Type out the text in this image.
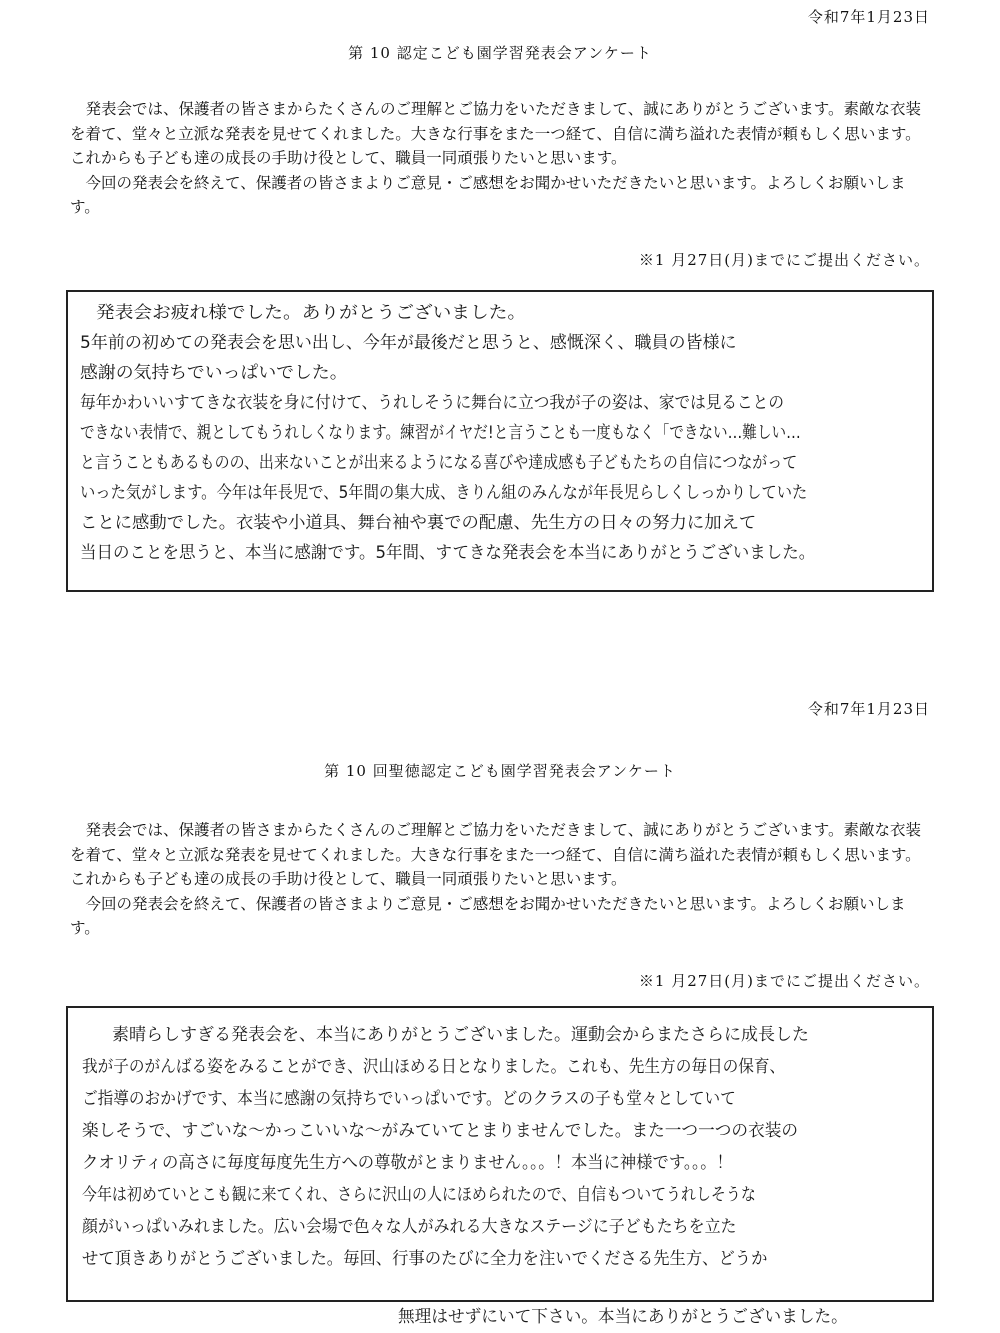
令和7年1月23日
第 10 認定こども園学習発表会アンケート

発表会では、保護者の皆さまからたくさんのご理解とご協力をいただきまして、誠にありがとうございます。素敵な衣装を着て、堂々と立派な発表を見せてくれました。大きな行事をまた一つ経て、自信に満ち溢れた表情が頼もしく思います。これからも子ども達の成長の手助け役として、職員一同頑張りたいと思います。

今回の発表会を終えて、保護者の皆さまよりご意見・ご感想をお聞かせいただきたいと思います。よろしくお願いします。

※1 月27日(月)までにご提出ください。
発表会お疲れ様でした。ありがとうございました。
5年前の初めての発表会を思い出し、今年が最後だと思うと、感慨深く、職員の皆様に
感謝の気持ちでいっぱいでした。
毎年かわいいすてきな衣装を身に付けて、うれしそうに舞台に立つ我が子の姿は、家では見ることの
できない表情で、親としてもうれしくなります。練習がイヤだ!と言うことも一度もなく「できない…難しい…
と言うこともあるものの、出来ないことが出来るようになる喜びや達成感も子どもたちの自信につながって
いった気がします。今年は年長児で、5年間の集大成、きりん組のみんなが年長児らしくしっかりしていた
ことに感動でした。衣装や小道具、舞台袖や裏での配慮、先生方の日々の努力に加えて
当日のことを思うと、本当に感謝です。5年間、すてきな発表会を本当にありがとうございました。
令和7年1月23日
第 10 回聖徳認定こども園学習発表会アンケート

発表会では、保護者の皆さまからたくさんのご理解とご協力をいただきまして、誠にありがとうございます。素敵な衣装を着て、堂々と立派な発表を見せてくれました。大きな行事をまた一つ経て、自信に満ち溢れた表情が頼もしく思います。これからも子ども達の成長の手助け役として、職員一同頑張りたいと思います。

今回の発表会を終えて、保護者の皆さまよりご意見・ご感想をお聞かせいただきたいと思います。よろしくお願いします。

※1 月27日(月)までにご提出ください。
素晴らしすぎる発表会を、本当にありがとうございました。運動会からまたさらに成長した
我が子のがんばる姿をみることができ、沢山ほめる日となりました。これも、先生方の毎日の保育、
ご指導のおかげです、本当に感謝の気持ちでいっぱいです。どのクラスの子も堂々としていて
楽しそうで、すごいな〜かっこいいな〜がみていてとまりませんでした。また一つ一つの衣装の
クオリティの高さに毎度毎度先生方への尊敬がとまりません。。。！本当に神様です。。。！
今年は初めていとこも観に来てくれ、さらに沢山の人にほめられたので、自信もついてうれしそうな
顔がいっぱいみれました。広い会場で色々な人がみれる大きなステージに子どもたちを立た
せて頂きありがとうございました。毎回、行事のたびに全力を注いでくださる先生方、どうか
無理はせずにいて下さい。本当にありがとうございました。
